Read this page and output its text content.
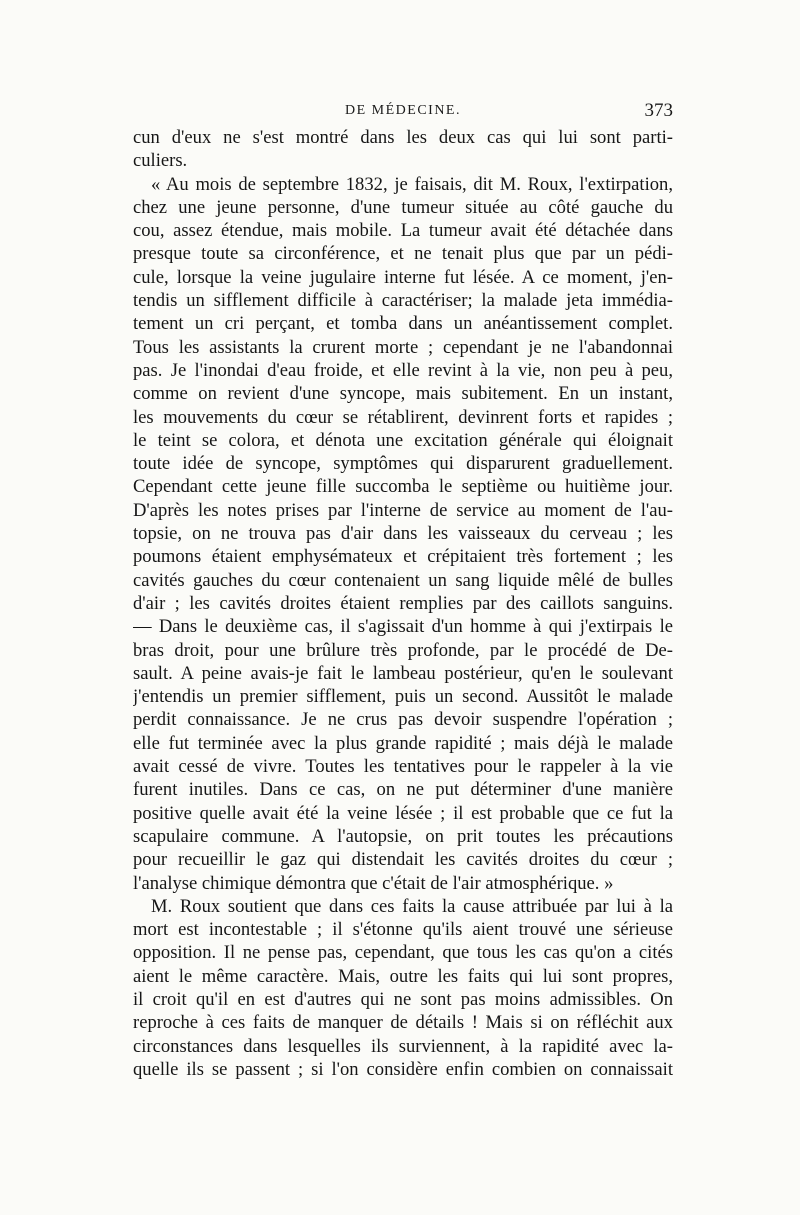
DE MÉDECINE.	373
cun d'eux ne s'est montré dans les deux cas qui lui sont parti-
culiers.
« Au mois de septembre 1832, je faisais, dit M. Roux, l'extirpation,
chez une jeune personne, d'une tumeur située au côté gauche du
cou, assez étendue, mais mobile. La tumeur avait été détachée dans
presque toute sa circonférence, et ne tenait plus que par un pédi-
cule, lorsque la veine jugulaire interne fut lésée. A ce moment, j'en-
tendis un sifflement difficile à caractériser; la malade jeta immédia-
tement un cri perçant, et tomba dans un anéantissement complet.
Tous les assistants la crurent morte ; cependant je ne l'abandonnai
pas. Je l'inondai d'eau froide, et elle revint à la vie, non peu à peu,
comme on revient d'une syncope, mais subitement. En un instant,
les mouvements du cœur se rétablirent, devinrent forts et rapides ;
le teint se colora, et dénota une excitation générale qui éloignait
toute idée de syncope, symptômes qui disparurent graduellement.
Cependant cette jeune fille succomba le septième ou huitième jour.
D'après les notes prises par l'interne de service au moment de l'au-
topsie, on ne trouva pas d'air dans les vaisseaux du cerveau ; les
poumons étaient emphysémateux et crépitaient très fortement ; les
cavités gauches du cœur contenaient un sang liquide mêlé de bulles
d'air ; les cavités droites étaient remplies par des caillots sanguins.
— Dans le deuxième cas, il s'agissait d'un homme à qui j'extirpais le
bras droit, pour une brûlure très profonde, par le procédé de De-
sault. A peine avais-je fait le lambeau postérieur, qu'en le soulevant
j'entendis un premier sifflement, puis un second. Aussitôt le malade
perdit connaissance. Je ne crus pas devoir suspendre l'opération ;
elle fut terminée avec la plus grande rapidité ; mais déjà le malade
avait cessé de vivre. Toutes les tentatives pour le rappeler à la vie
furent inutiles. Dans ce cas, on ne put déterminer d'une manière
positive quelle avait été la veine lésée ; il est probable que ce fut la
scapulaire commune. A l'autopsie, on prit toutes les précautions
pour recueillir le gaz qui distendait les cavités droites du cœur ;
l'analyse chimique démontra que c'était de l'air atmosphérique. »
M. Roux soutient que dans ces faits la cause attribuée par lui à la
mort est incontestable ; il s'étonne qu'ils aient trouvé une sérieuse
opposition. Il ne pense pas, cependant, que tous les cas qu'on a cités
aient le même caractère. Mais, outre les faits qui lui sont propres,
il croit qu'il en est d'autres qui ne sont pas moins admissibles. On
reproche à ces faits de manquer de détails ! Mais si on réfléchit aux
circonstances dans lesquelles ils surviennent, à la rapidité avec la-
quelle ils se passent ; si l'on considère enfin combien on connaissait
